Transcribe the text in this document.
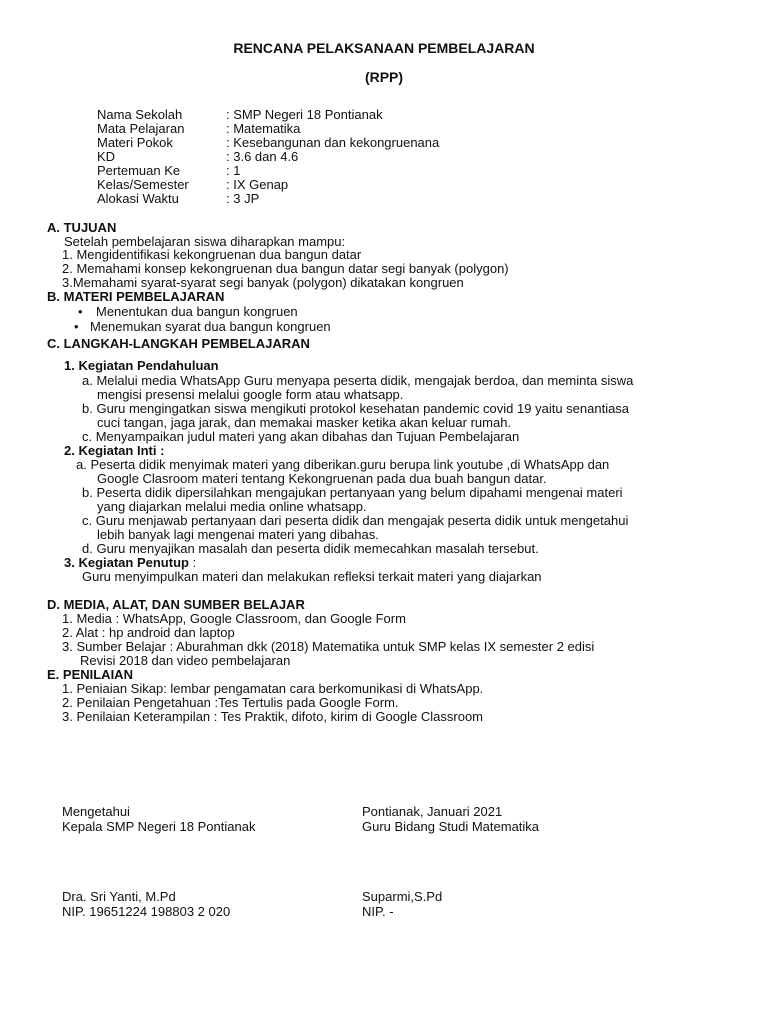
RENCANA PELAKSANAAN PEMBELAJARAN
(RPP)
Nama Sekolah	: SMP Negeri 18 Pontianak
Mata Pelajaran	: Matematika
Materi Pokok	: Kesebangunan dan kekongruenana
KD	: 3.6 dan 4.6
Pertemuan Ke	: 1
Kelas/Semester	: IX Genap
Alokasi Waktu	: 3 JP
A. TUJUAN
Setelah pembelajaran siswa diharapkan mampu:
1. Mengidentifikasi kekongruenan dua bangun datar
2. Memahami konsep kekongruenan dua bangun datar segi banyak (polygon)
3.Memahami syarat-syarat segi banyak (polygon) dikatakan kongruen
B. MATERI PEMBELAJARAN
• Menentukan dua bangun kongruen
• Menemukan syarat dua bangun kongruen
C. LANGKAH-LANGKAH PEMBELAJARAN
1. Kegiatan Pendahuluan
a. Melalui media WhatsApp Guru menyapa peserta didik, mengajak berdoa, dan meminta siswa
mengisi presensi melalui google form atau whatsapp.
b. Guru mengingatkan siswa mengikuti protokol kesehatan pandemic covid 19 yaitu senantiasa
cuci tangan, jaga jarak, dan memakai masker ketika akan keluar rumah.
c. Menyampaikan judul materi yang akan dibahas dan Tujuan Pembelajaran
2. Kegiatan Inti :
a. Peserta didik menyimak materi yang diberikan.guru berupa link youtube ,di WhatsApp dan
Google Clasroom materi tentang Kekongruenan pada dua buah bangun datar.
b. Peserta didik dipersilahkan mengajukan pertanyaan yang belum dipahami mengenai materi
yang diajarkan melalui media online whatsapp.
c. Guru menjawab pertanyaan dari peserta didik dan mengajak peserta didik untuk mengetahui
lebih banyak lagi mengenai materi yang dibahas.
d. Guru menyajikan masalah dan peserta didik memecahkan masalah tersebut.
3. Kegiatan Penutup :
Guru menyimpulkan materi dan melakukan refleksi terkait materi yang diajarkan
D. MEDIA, ALAT, DAN SUMBER BELAJAR
1. Media : WhatsApp, Google Classroom, dan Google Form
2. Alat : hp android dan laptop
3. Sumber Belajar : Aburahman dkk (2018) Matematika untuk SMP kelas IX semester 2 edisi
Revisi 2018 dan video pembelajaran
E. PENILAIAN
1. Peniaian Sikap: lembar pengamatan cara berkomunikasi di WhatsApp.
2. Penilaian Pengetahuan :Tes Tertulis pada Google Form.
3. Penilaian Keterampilan : Tes Praktik, difoto, kirim di Google Classroom
Mengetahui
Kepala SMP Negeri 18 Pontianak
Dra. Sri Yanti, M.Pd
NIP. 19651224 198803 2 020
Pontianak, Januari 2021
Guru Bidang Studi Matematika
Suparmi,S.Pd
NIP. -
